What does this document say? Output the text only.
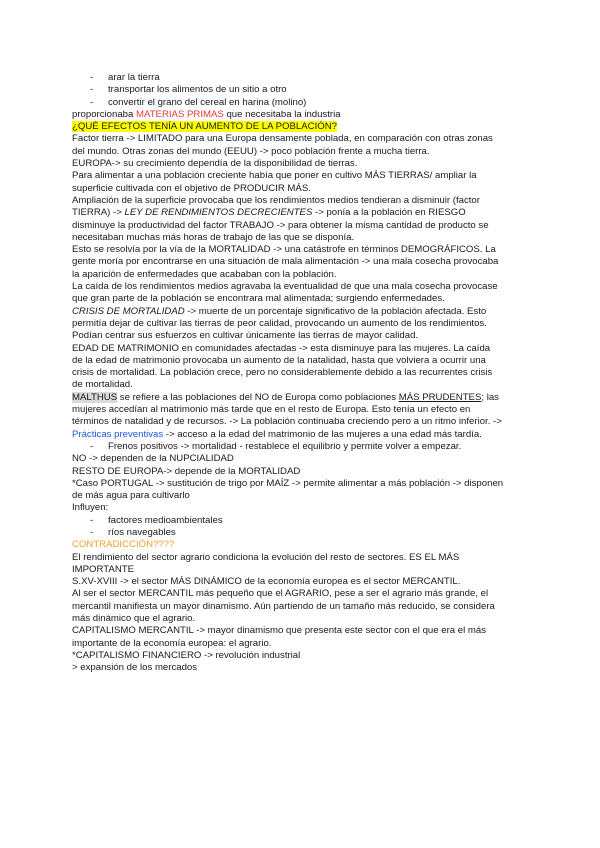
- arar la tierra
- transportar los alimentos de un sitio a otro
- convertir el grano del cereal en harina (molino)
proporcionaba MATERIAS PRIMAS que necesitaba la industria
¿QUÉ EFECTOS TENÍA UN AUMENTO DE LA POBLACIÓN?
Factor tierra -> LIMITADO para una Europa densamente poblada, en comparación con otras zonas
del mundo. Otras zonas del mundo (EEUU) -> poco población frente a mucha tierra.
EUROPA-> su crecimiento dependía de la disponibilidad de tierras.
Para alimentar a una población creciente había que poner en cultivo MÁS TIERRAS/ ampliar la
superficie cultivada con el objetivo de PRODUCIR MÁS.
Ampliación de la superficie provocaba que los rendimientos medios tendieran a disminuir (factor
TIERRA) -> LEY DE RENDIMIENTOS DECRECIENTES -> ponía a la población en RIESGO
disminuye la productividad del factor TRABAJO -> para obtener la misma cantidad de producto se
necesitaban muchas más horas de trabajo de las que se disponía.
Esto se resolvía por la vía de la MORTALIDAD -> una catástrofe en términos DEMOGRÁFICOS. La
gente moría por encontrarse en una situación de mala alimentación -> una mala cosecha provocaba
la aparición de enfermedades que acababan con la población.
La caída de los rendimientos medios agravaba la eventualidad de que una mala cosecha provocase
que gran parte de la población se encontrara mal alimentada; surgiendo enfermedades.
CRISIS DE MORTALIDAD -> muerte de un porcentaje significativo de la población afectada. Esto
permitía dejar de cultivar las tierras de peor calidad, provocando un aumento de los rendimientos.
Podían centrar sus esfuerzos en cultivar únicamente las tierras de mayor calidad.
EDAD DE MATRIMONIO en comunidades afectadas -> esta disminuye para las mujeres. La caída
de la edad de matrimonio provocaba un aumento de la natalidad, hasta que volviera a ocurrir una
crisis de mortalidad. La población crece, pero no considerablemente debido a las recurrentes crisis
de mortalidad.
MALTHUS se refiere a las poblaciones del NO de Europa como poblaciones MÁS PRUDENTES; las
mujeres accedían al matrimonio más tarde que en el resto de Europa. Esto tenía un efecto en
términos de natalidad y de recursos. -> La población continuaba creciendo pero a un ritmo inferior. ->
Prácticas preventivas -> acceso a la edad del matrimonio de las mujeres a una edad más tardía.
- Frenos positivos -> mortalidad - restablece el equilibrio y permite volver a empezar.
NO -> dependen de la NUPCIALIDAD
RESTO DE EUROPA-> depende de la MORTALIDAD
*Caso PORTUGAL -> sustitución de trigo por MAÍZ -> permite alimentar a más población -> disponen
de más agua para cultivarlo
Influyen:
- factores medioambientales
- ríos navegables
CONTRADICCIÓN????
El rendimiento del sector agrario condiciona la evolución del resto de sectores. ES EL MÁS
IMPORTANTE
S.XV-XVIII -> el sector MÁS DINÁMICO de la economía europea es el sector MERCANTIL.
Al ser el sector MERCANTIL más pequeño que el AGRARIO, pese a ser el agrario más grande, el
mercantil manifiesta un mayor dinamismo. Aún partiendo de un tamaño más reducido, se considera
más dinámico que el agrario.
CAPITALISMO MERCANTIL -> mayor dinamismo que presenta este sector con el que era el más
importante de la economía europea: el agrario.
*CAPITALISMO FINANCIERO -> revolución industrial
> expansión de los mercados
